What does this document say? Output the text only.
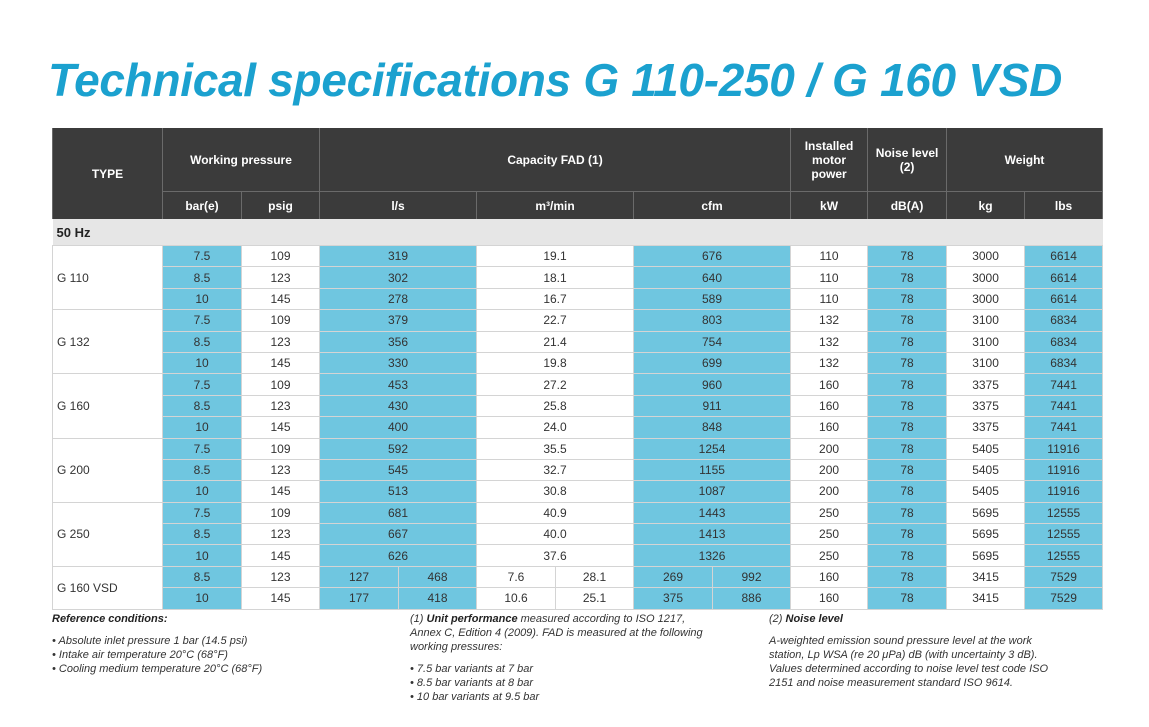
Technical specifications G 110-250 / G 160 VSD
TYPE	Working pressure		Capacity FAD (1)						Installed motor power	Noise level (2)	Weight	
	bar(e)	psig	l/s		m³/min		cfm		kW	dB(A)	kg	lbs
50 Hz												
G 110	7.5	109	319		19.1		676		110	78	3000	6614
	8.5	123	302		18.1		640		110	78	3000	6614
	10	145	278		16.7		589		110	78	3000	6614
G 132	7.5	109	379		22.7		803		132	78	3100	6834
	8.5	123	356		21.4		754		132	78	3100	6834
	10	145	330		19.8		699		132	78	3100	6834
G 160	7.5	109	453		27.2		960		160	78	3375	7441
	8.5	123	430		25.8		911		160	78	3375	7441
	10	145	400		24.0		848		160	78	3375	7441
G 200	7.5	109	592		35.5		1254		200	78	5405	11916
	8.5	123	545		32.7		1155		200	78	5405	11916
	10	145	513		30.8		1087		200	78	5405	11916
G 250	7.5	109	681		40.9		1443		250	78	5695	12555
	8.5	123	667		40.0		1413		250	78	5695	12555
	10	145	626		37.6		1326		250	78	5695	12555
G 160 VSD	8.5	123	127	468	7.6	28.1	269	992	160	78	3415	7529
	10	145	177	418	10.6	25.1	375	886	160	78	3415	7529
Reference conditions:
• Absolute inlet pressure 1 bar (14.5 psi)
• Intake air temperature 20°C (68°F)
• Cooling medium temperature 20°C (68°F)
(1) Unit performance measured according to ISO 1217,
Annex C, Edition 4 (2009). FAD is measured at the following
working pressures:
• 7.5 bar variants at 7 bar
• 8.5 bar variants at 8 bar
• 10 bar variants at 9.5 bar
(2) Noise level
A-weighted emission sound pressure level at the work
station, Lp WSA (re 20 μPa) dB (with uncertainty 3 dB).
Values determined according to noise level test code ISO
2151 and noise measurement standard ISO 9614.
